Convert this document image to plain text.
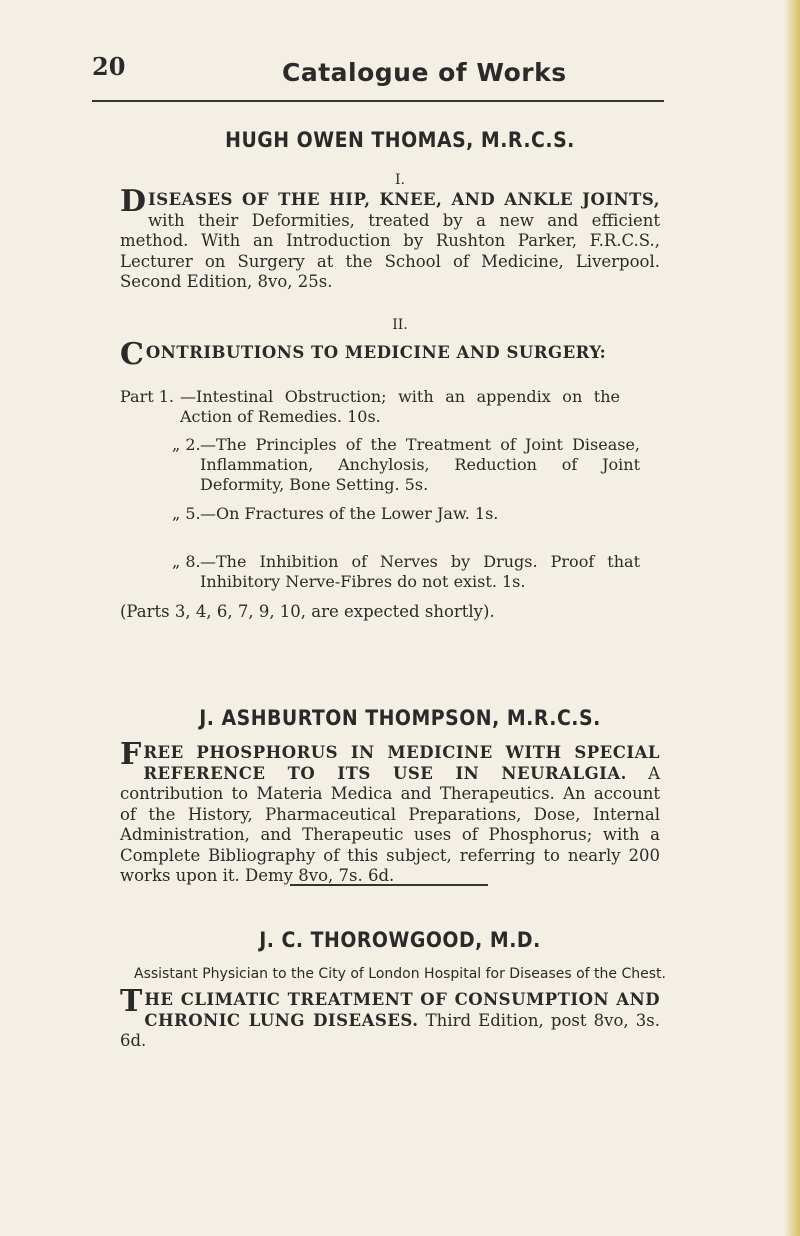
20	Catalogue of Works
HUGH OWEN THOMAS, M.R.C.S.
I.
D ISEASES OF THE HIP, KNEE, AND ANKLE JOINTS, with their Deformities, treated by a new and efficient method. With an Introduction by Rushton Parker, F.R.C.S., Lecturer on Surgery at the School of Medicine, Liverpool. Second Edition, 8vo, 25s.
II.
C ONTRIBUTIONS TO MEDICINE AND SURGERY:
Part 1. —Intestinal Obstruction; with an appendix on the Action of Remedies. 10s.
„ 2. —The Principles of the Treatment of Joint Disease, Inflammation, Anchylosis, Reduction of Joint Deformity, Bone Setting. 5s.
„ 5. —On Fractures of the Lower Jaw. 1s.
„ 8. —The Inhibition of Nerves by Drugs. Proof that Inhibitory Nerve-Fibres do not exist. 1s.
(Parts 3, 4, 6, 7, 9, 10, are expected shortly).
J. ASHBURTON THOMPSON, M.R.C.S.
F REE PHOSPHORUS IN MEDICINE WITH SPECIAL REFERENCE TO ITS USE IN NEURALGIA. A contribution to Materia Medica and Therapeutics. An account of the History, Pharmaceutical Preparations, Dose, Internal Administration, and Therapeutic uses of Phosphorus; with a Complete Bibliography of this subject, referring to nearly 200 works upon it. Demy 8vo, 7s. 6d.
J. C. THOROWGOOD, M.D.
Assistant Physician to the City of London Hospital for Diseases of the Chest.
T HE CLIMATIC TREATMENT OF CONSUMPTION AND CHRONIC LUNG DISEASES. Third Edition, post 8vo, 3s. 6d.
